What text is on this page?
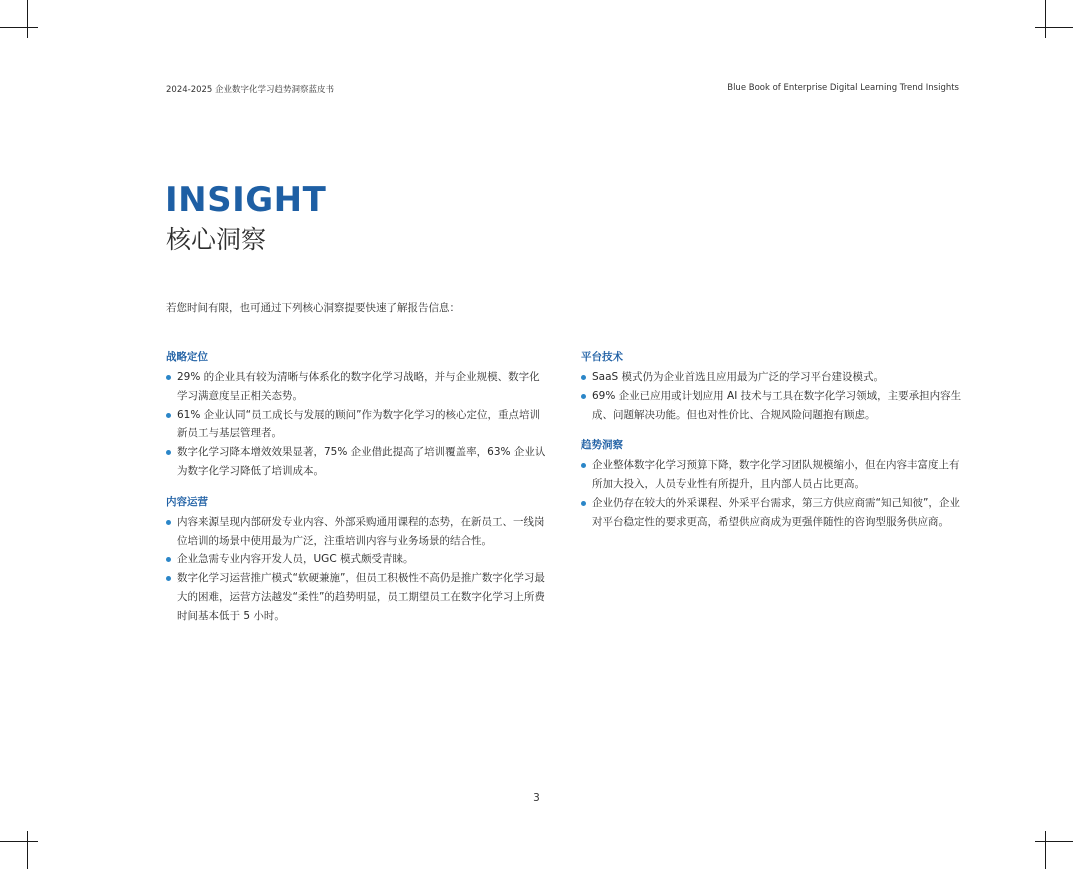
2024-2025 企业数字化学习趋势洞察蓝皮书	Blue Book of Enterprise Digital Learning Trend Insights
INSIGHT
核心洞察
若您时间有限，也可通过下列核心洞察提要快速了解报告信息：
战略定位
29% 的企业具有较为清晰与体系化的数字化学习战略，并与企业规模、数字化学习满意度呈正相关态势。
61% 企业认同“员工成长与发展的顾问”作为数字化学习的核心定位，重点培训新员工与基层管理者。
数字化学习降本增效效果显著，75% 企业借此提高了培训覆盖率，63% 企业认为数字化学习降低了培训成本。
内容运营
内容来源呈现内部研发专业内容、外部采购通用课程的态势，在新员工、一线岗位培训的场景中使用最为广泛，注重培训内容与业务场景的结合性。
企业急需专业内容开发人员，UGC 模式颇受青睐。
数字化学习运营推广模式“软硬兼施”，但员工积极性不高仍是推广数字化学习最大的困难，运营方法越发“柔性”的趋势明显，员工期望员工在数字化学习上所费时间基本低于 5 小时。
平台技术
SaaS 模式仍为企业首选且应用最为广泛的学习平台建设模式。
69% 企业已应用或计划应用 AI 技术与工具在数字化学习领域，主要承担内容生成、问题解决功能。但也对性价比、合规风险问题抱有顾虑。
趋势洞察
企业整体数字化学习预算下降，数字化学习团队规模缩小，但在内容丰富度上有所加大投入，人员专业性有所提升，且内部人员占比更高。
企业仍存在较大的外采课程、外采平台需求，第三方供应商需“知己知彼”，企业对平台稳定性的要求更高，希望供应商成为更强伴随性的咨询型服务供应商。
3
